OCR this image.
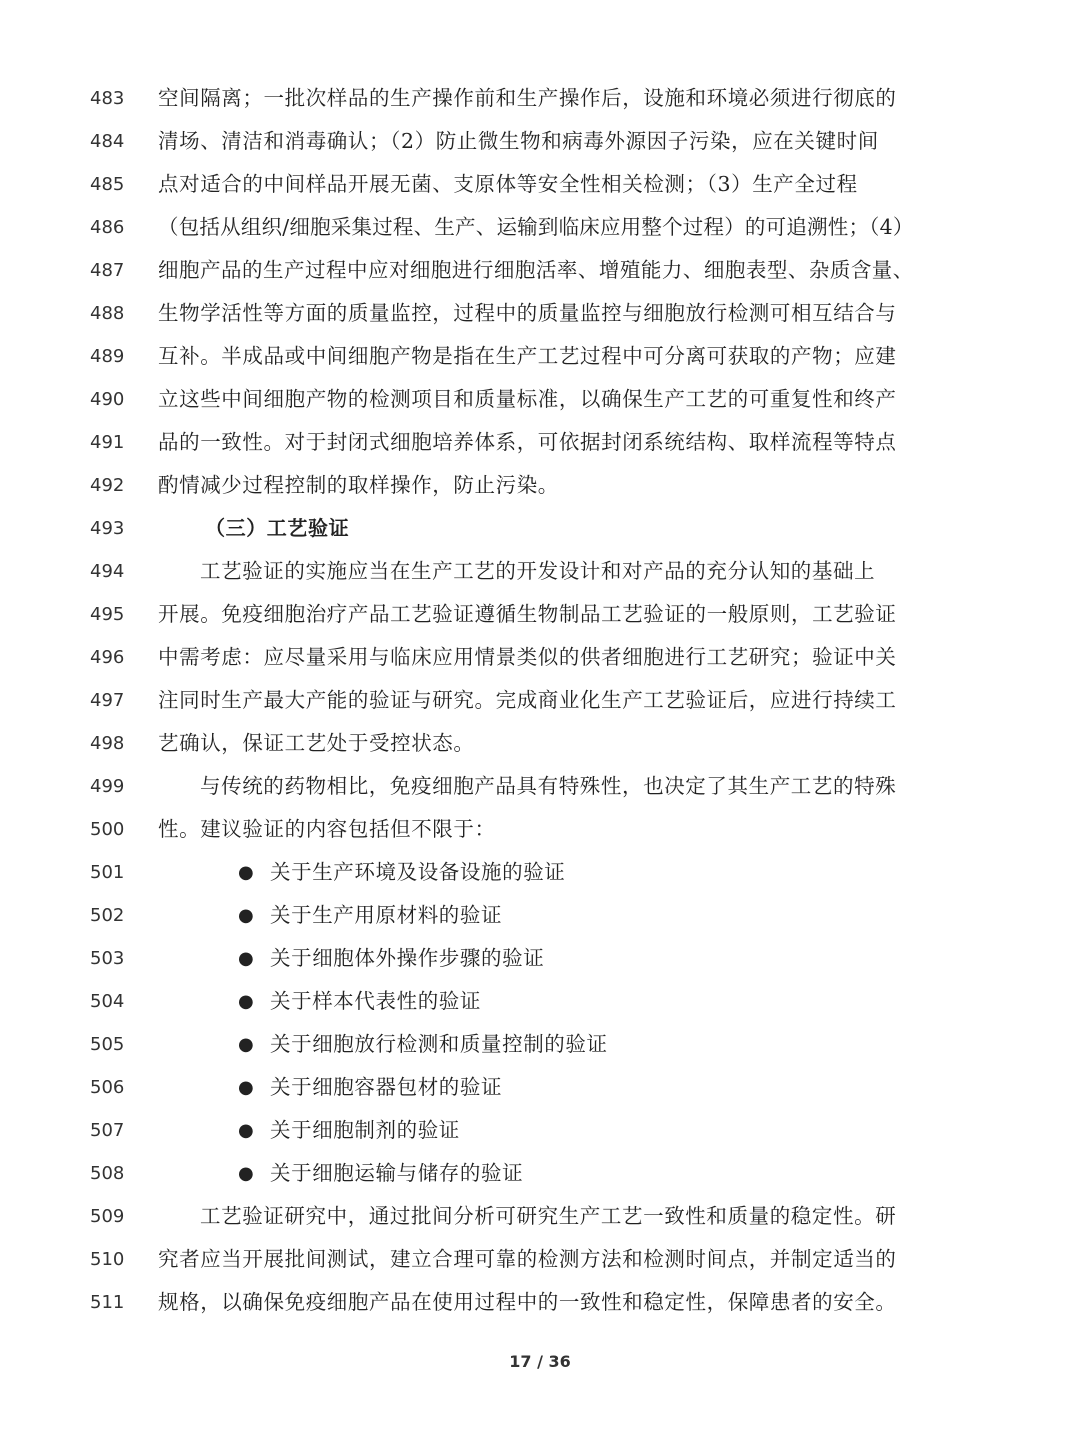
483	空间隔离；一批次样品的生产操作前和生产操作后，设施和环境必须进行彻底的
484	清场、清洁和消毒确认；（2）防止微生物和病毒外源因子污染，应在关键时间
485	点对适合的中间样品开展无菌、支原体等安全性相关检测；（3）生产全过程
486	（包括从组织/细胞采集过程、生产、运输到临床应用整个过程）的可追溯性；（4）
487	细胞产品的生产过程中应对细胞进行细胞活率、增殖能力、细胞表型、杂质含量、
488	生物学活性等方面的质量监控，过程中的质量监控与细胞放行检测可相互结合与
489	互补。半成品或中间细胞产物是指在生产工艺过程中可分离可获取的产物；应建
490	立这些中间细胞产物的检测项目和质量标准，以确保生产工艺的可重复性和终产
491	品的一致性。对于封闭式细胞培养体系，可依据封闭系统结构、取样流程等特点
492	酌情减少过程控制的取样操作，防止污染。
493	（三）工艺验证
494	工艺验证的实施应当在生产工艺的开发设计和对产品的充分认知的基础上
495	开展。免疫细胞治疗产品工艺验证遵循生物制品工艺验证的一般原则，工艺验证
496	中需考虑：应尽量采用与临床应用情景类似的供者细胞进行工艺研究；验证中关
497	注同时生产最大产能的验证与研究。完成商业化生产工艺验证后，应进行持续工
498	艺确认，保证工艺处于受控状态。
499	与传统的药物相比，免疫细胞产品具有特殊性，也决定了其生产工艺的特殊
500	性。建议验证的内容包括但不限于：
501	● 关于生产环境及设备设施的验证
502	● 关于生产用原材料的验证
503	● 关于细胞体外操作步骤的验证
504	● 关于样本代表性的验证
505	● 关于细胞放行检测和质量控制的验证
506	● 关于细胞容器包材的验证
507	● 关于细胞制剂的验证
508	● 关于细胞运输与储存的验证
509	工艺验证研究中，通过批间分析可研究生产工艺一致性和质量的稳定性。研
510	究者应当开展批间测试，建立合理可靠的检测方法和检测时间点，并制定适当的
511	规格，以确保免疫细胞产品在使用过程中的一致性和稳定性，保障患者的安全。
17 / 36
